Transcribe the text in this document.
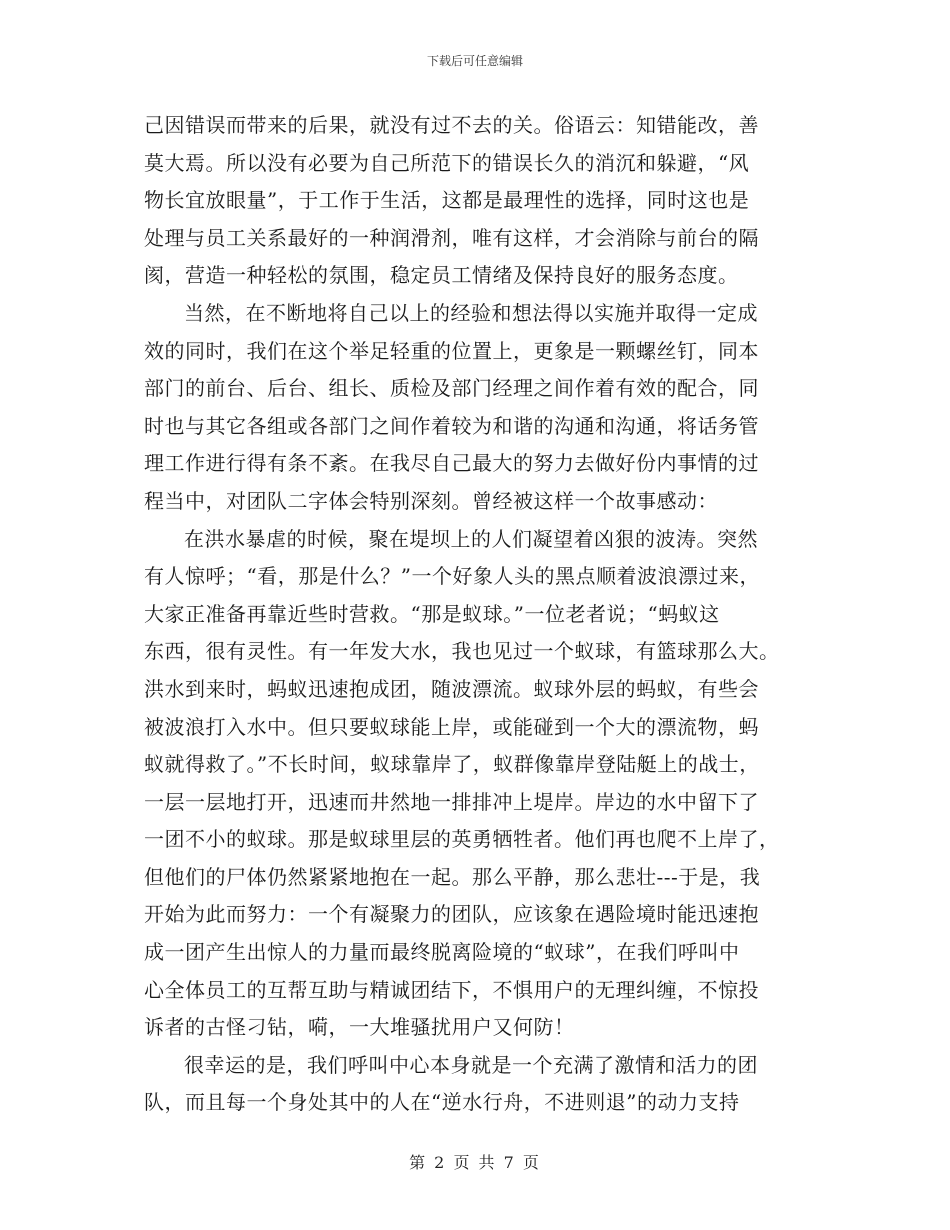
下载后可任意编辑
己因错误而带来的后果，就没有过不去的关。俗语云：知错能改，善
莫大焉。所以没有必要为自己所范下的错误长久的消沉和躲避，“风
物长宜放眼量”，于工作于生活，这都是最理性的选择，同时这也是
处理与员工关系最好的一种润滑剂，唯有这样，才会消除与前台的隔
阂，营造一种轻松的氛围，稳定员工情绪及保持良好的服务态度。
当然，在不断地将自己以上的经验和想法得以实施并取得一定成
效的同时，我们在这个举足轻重的位置上，更象是一颗螺丝钉，同本
部门的前台、后台、组长、质检及部门经理之间作着有效的配合，同
时也与其它各组或各部门之间作着较为和谐的沟通和沟通，将话务管
理工作进行得有条不紊。在我尽自己最大的努力去做好份内事情的过
程当中，对团队二字体会特别深刻。曾经被这样一个故事感动：
在洪水暴虐的时候，聚在堤坝上的人们凝望着凶狠的波涛。突然
有人惊呼；“看，那是什么？”一个好象人头的黑点顺着波浪漂过来，
大家正准备再靠近些时营救。“那是蚁球。”一位老者说；“蚂蚁这
东西，很有灵性。有一年发大水，我也见过一个蚁球，有篮球那么大。
洪水到来时，蚂蚁迅速抱成团，随波漂流。蚁球外层的蚂蚁，有些会
被波浪打入水中。但只要蚁球能上岸，或能碰到一个大的漂流物，蚂
蚁就得救了。”不长时间，蚁球靠岸了，蚁群像靠岸登陆艇上的战士，
一层一层地打开，迅速而井然地一排排冲上堤岸。岸边的水中留下了
一团不小的蚁球。那是蚁球里层的英勇牺牲者。他们再也爬不上岸了，
但他们的尸体仍然紧紧地抱在一起。那么平静，那么悲壮---于是，我
开始为此而努力：一个有凝聚力的团队，应该象在遇险境时能迅速抱
成一团产生出惊人的力量而最终脱离险境的“蚁球”，在我们呼叫中
心全体员工的互帮互助与精诚团结下，不惧用户的无理纠缠，不惊投
诉者的古怪刁钻，嗬，一大堆骚扰用户又何防！
很幸运的是，我们呼叫中心本身就是一个充满了激情和活力的团
队，而且每一个身处其中的人在“逆水行舟，不进则退”的动力支持
第 2 页 共 7 页
